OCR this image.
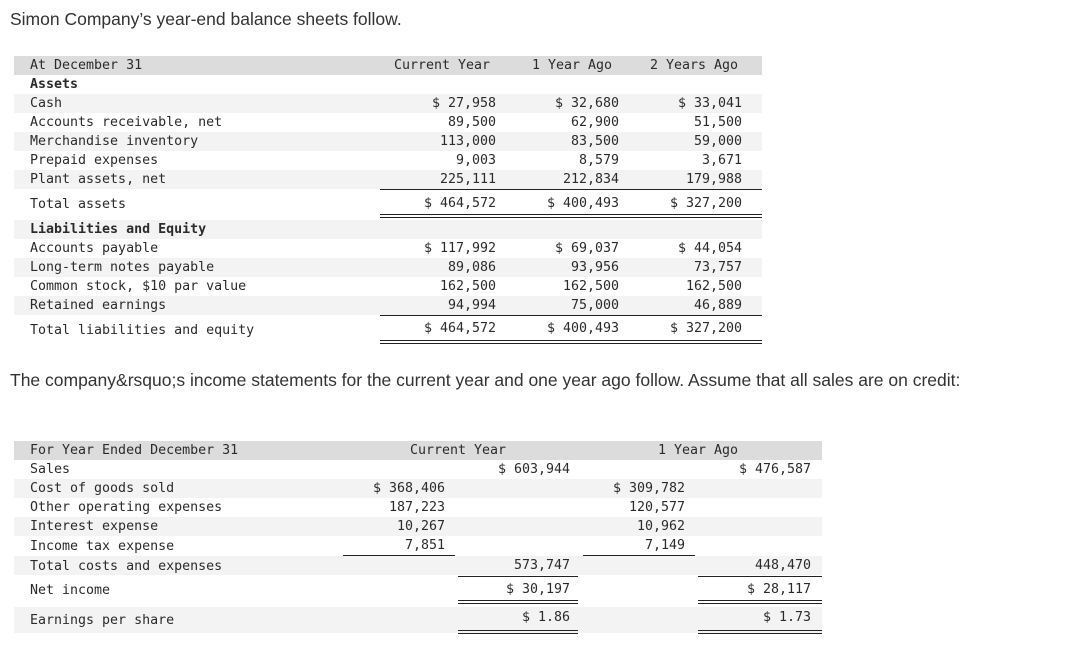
Simon Company’s year-end balance sheets follow.
At December 31	Current Year	1 Year Ago	2 Years Ago
Assets
Cash	$ 27,958	$ 32,680	$ 33,041
Accounts receivable, net	89,500	62,900	51,500
Merchandise inventory	113,000	83,500	59,000
Prepaid expenses	9,003	8,579	3,671
Plant assets, net	225,111	212,834	179,988
Total assets	$ 464,572	$ 400,493	$ 327,200
Liabilities and Equity
Accounts payable	$ 117,992	$ 69,037	$ 44,054
Long-term notes payable	89,086	93,956	73,757
Common stock, $10 par value	162,500	162,500	162,500
Retained earnings	94,994	75,000	46,889
Total liabilities and equity	$ 464,572	$ 400,493	$ 327,200
The company&rsquo;s income statements for the current year and one year ago follow. Assume that all sales are on credit:
For Year Ended December 31	Current Year	1 Year Ago
Sales	$ 603,944	$ 476,587
Cost of goods sold	$ 368,406	$ 309,782
Other operating expenses	187,223	120,577
Interest expense	10,267	10,962
Income tax expense	7,851	7,149
Total costs and expenses	573,747	448,470
Net income	$ 30,197	$ 28,117
Earnings per share	$ 1.86	$ 1.73
